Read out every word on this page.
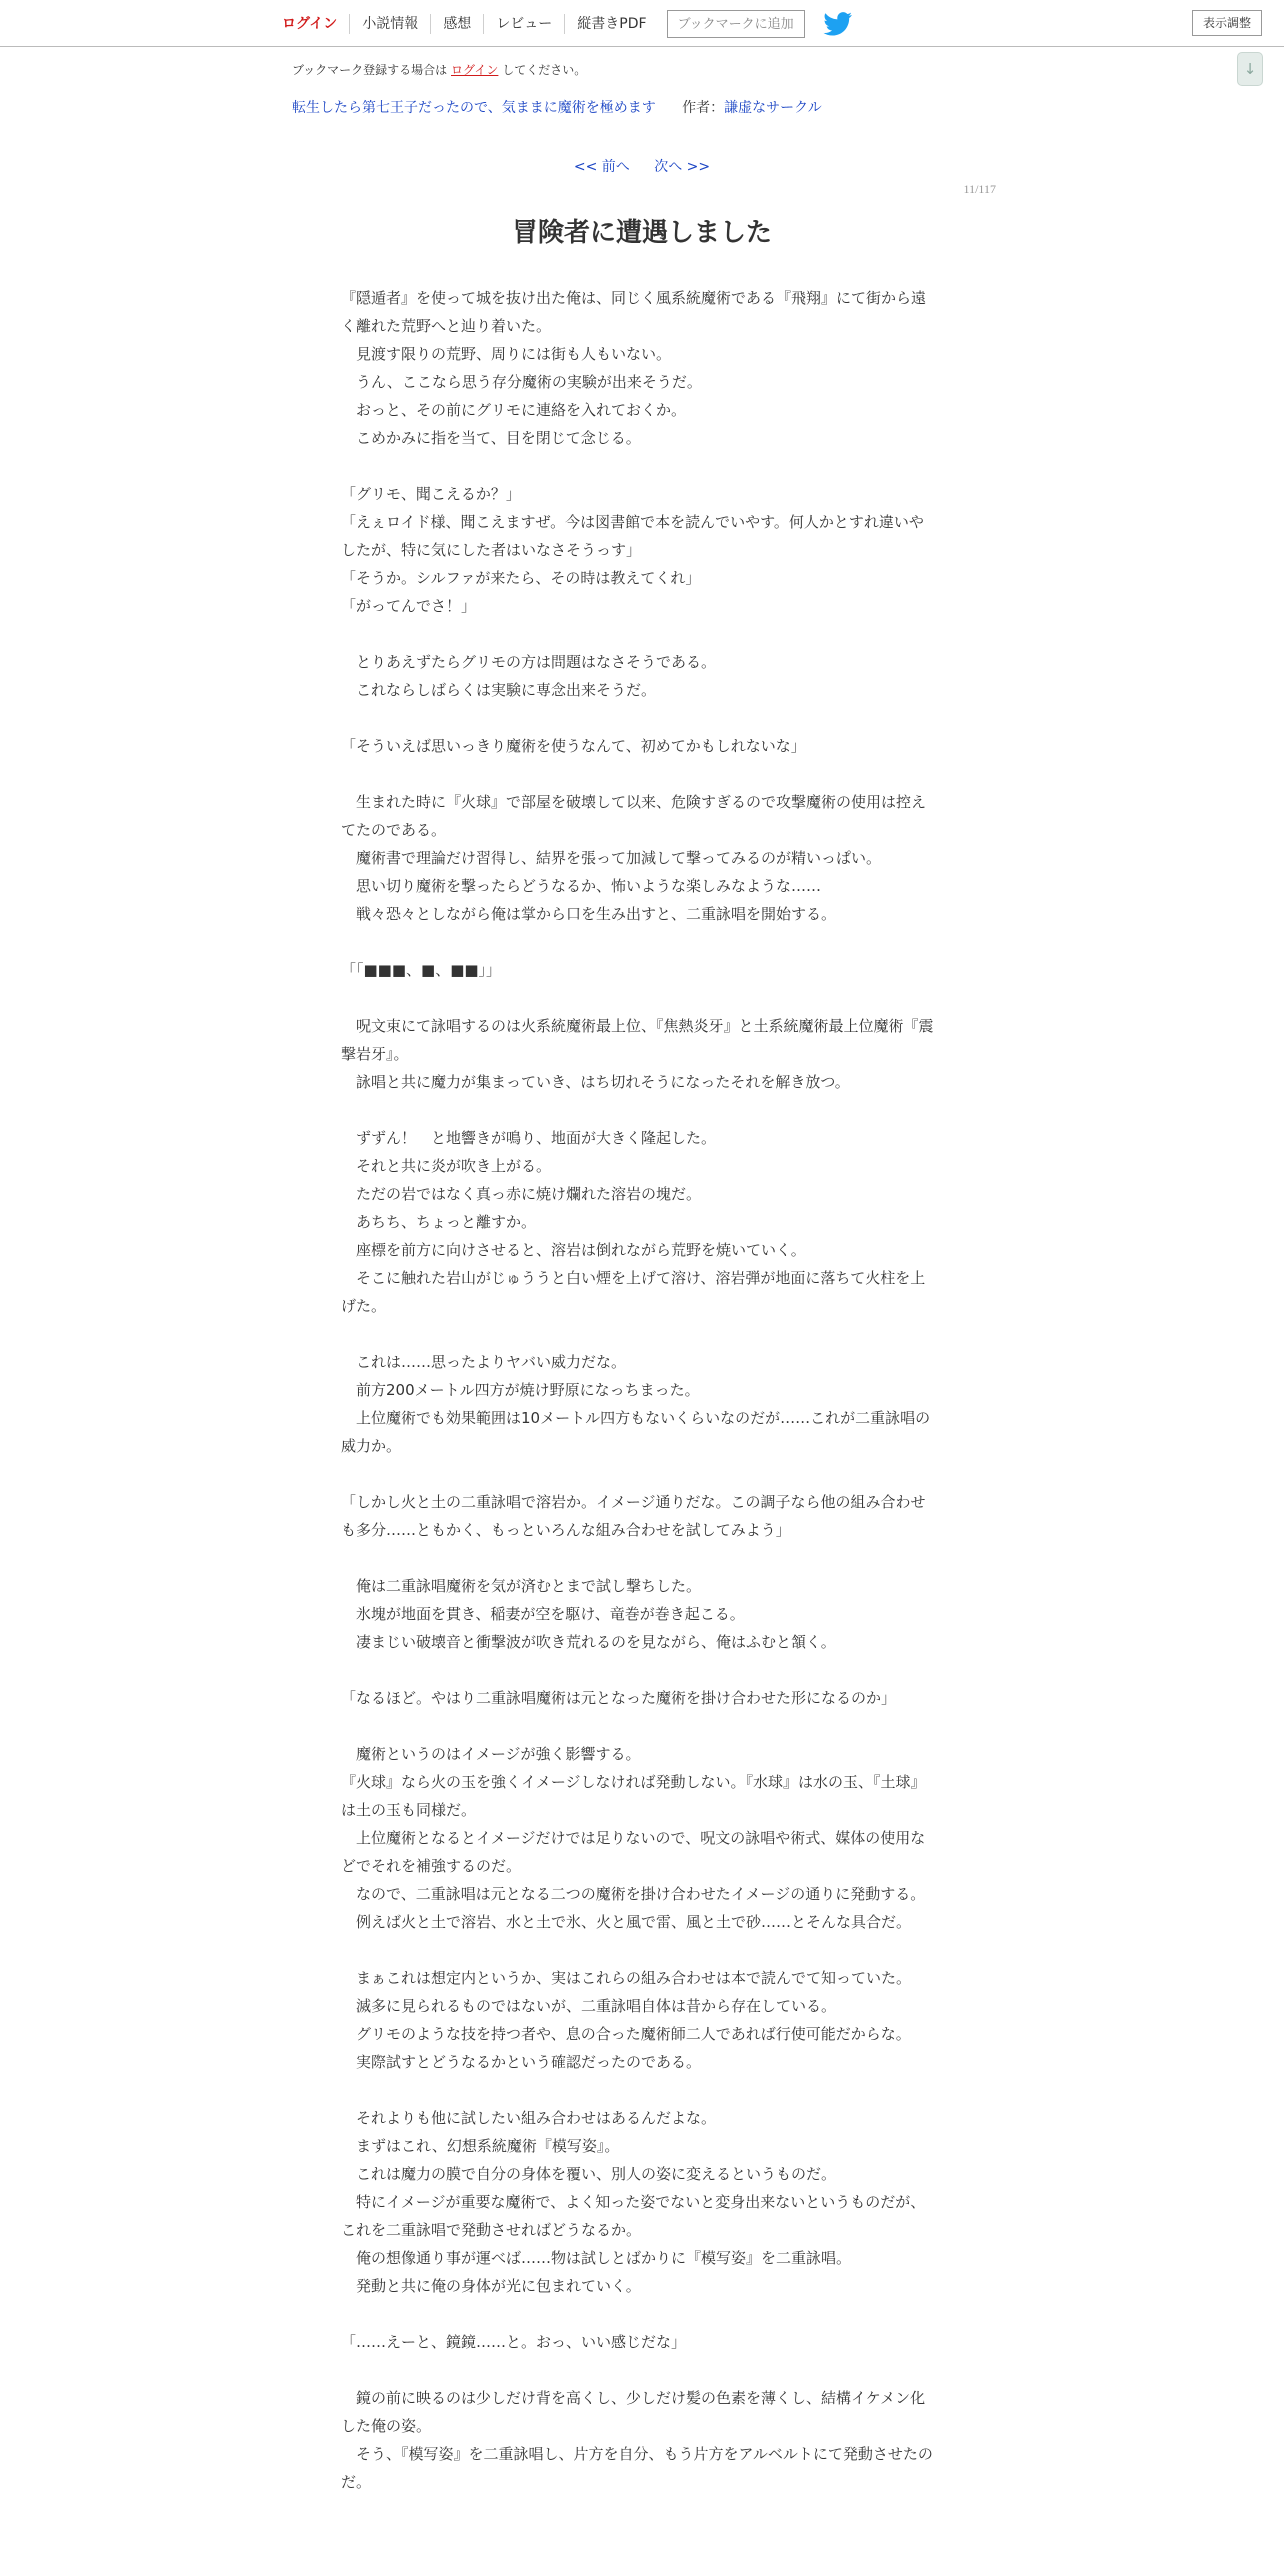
ログイン	小説情報	感想	レビュー	縦書きPDF	ブックマークに追加	表示調整
↓
ブックマーク登録する場合は ログイン してください。
転生したら第七王子だったので、気ままに魔術を極めます 作者：謙虚なサークル
<< 前へ 次へ >>
11/117
冒険者に遭遇しました

『隠遁者』を使って城を抜け出た俺は、同じく風系統魔術である『飛翔』にて街から遠く離れた荒野へと辿り着いた。

　見渡す限りの荒野、周りには街も人もいない。

　うん、ここなら思う存分魔術の実験が出来そうだ。

　おっと、その前にグリモに連絡を入れておくか。

　こめかみに指を当て、目を閉じて念じる。

「グリモ、聞こえるか？」

「えぇロイド様、聞こえますぜ。今は図書館で本を読んでいやす。何人かとすれ違いやしたが、特に気にした者はいなさそうっす」

「そうか。シルファが来たら、その時は教えてくれ」

「がってんでさ！」

　とりあえずたらグリモの方は問題はなさそうである。

　これならしばらくは実験に専念出来そうだ。

「そういえば思いっきり魔術を使うなんて、初めてかもしれないな」

　生まれた時に『火球』で部屋を破壊して以来、危険すぎるので攻撃魔術の使用は控えてたのである。

　魔術書で理論だけ習得し、結界を張って加減して撃ってみるのが精いっぱい。

　思い切り魔術を撃ったらどうなるか、怖いような楽しみなような……

　戦々恐々としながら俺は掌から口を生み出すと、二重詠唱を開始する。

「「■■■、■、■■」」

　呪文束にて詠唱するのは火系統魔術最上位、『焦熱炎牙』と土系統魔術最上位魔術『震撃岩牙』。

　詠唱と共に魔力が集まっていき、はち切れそうになったそれを解き放つ。

　ずずん！　と地響きが鳴り、地面が大きく隆起した。

　それと共に炎が吹き上がる。

　ただの岩ではなく真っ赤に焼け爛れた溶岩の塊だ。

　あちち、ちょっと離すか。

　座標を前方に向けさせると、溶岩は倒れながら荒野を焼いていく。

　そこに触れた岩山がじゅううと白い煙を上げて溶け、溶岩弾が地面に落ちて火柱を上げた。

　これは……思ったよりヤバい威力だな。

　前方200メートル四方が焼け野原になっちまった。

　上位魔術でも効果範囲は10メートル四方もないくらいなのだが……これが二重詠唱の威力か。

「しかし火と土の二重詠唱で溶岩か。イメージ通りだな。この調子なら他の組み合わせも多分……ともかく、もっといろんな組み合わせを試してみよう」

　俺は二重詠唱魔術を気が済むとまで試し撃ちした。

　氷塊が地面を貫き、稲妻が空を駆け、竜巻が巻き起こる。

　凄まじい破壊音と衝撃波が吹き荒れるのを見ながら、俺はふむと頷く。

「なるほど。やはり二重詠唱魔術は元となった魔術を掛け合わせた形になるのか」

　魔術というのはイメージが強く影響する。

『火球』なら火の玉を強くイメージしなければ発動しない。『水球』は水の玉、『土球』は土の玉も同様だ。

　上位魔術となるとイメージだけでは足りないので、呪文の詠唱や術式、媒体の使用などでそれを補強するのだ。

　なので、二重詠唱は元となる二つの魔術を掛け合わせたイメージの通りに発動する。

　例えば火と土で溶岩、水と土で氷、火と風で雷、風と土で砂……とそんな具合だ。

　まぁこれは想定内というか、実はこれらの組み合わせは本で読んでて知っていた。

　滅多に見られるものではないが、二重詠唱自体は昔から存在している。

　グリモのような技を持つ者や、息の合った魔術師二人であれば行使可能だからな。

　実際試すとどうなるかという確認だったのである。

　それよりも他に試したい組み合わせはあるんだよな。

　まずはこれ、幻想系統魔術『模写姿』。

　これは魔力の膜で自分の身体を覆い、別人の姿に変えるというものだ。

　特にイメージが重要な魔術で、よく知った姿でないと変身出来ないというものだが、これを二重詠唱で発動させればどうなるか。

　俺の想像通り事が運べば……物は試しとばかりに『模写姿』を二重詠唱。

　発動と共に俺の身体が光に包まれていく。

「……えーと、鏡鏡……と。おっ、いい感じだな」

　鏡の前に映るのは少しだけ背を高くし、少しだけ髪の色素を薄くし、結構イケメン化した俺の姿。

　そう、『模写姿』を二重詠唱し、片方を自分、もう片方をアルベルトにて発動させたのだ。
